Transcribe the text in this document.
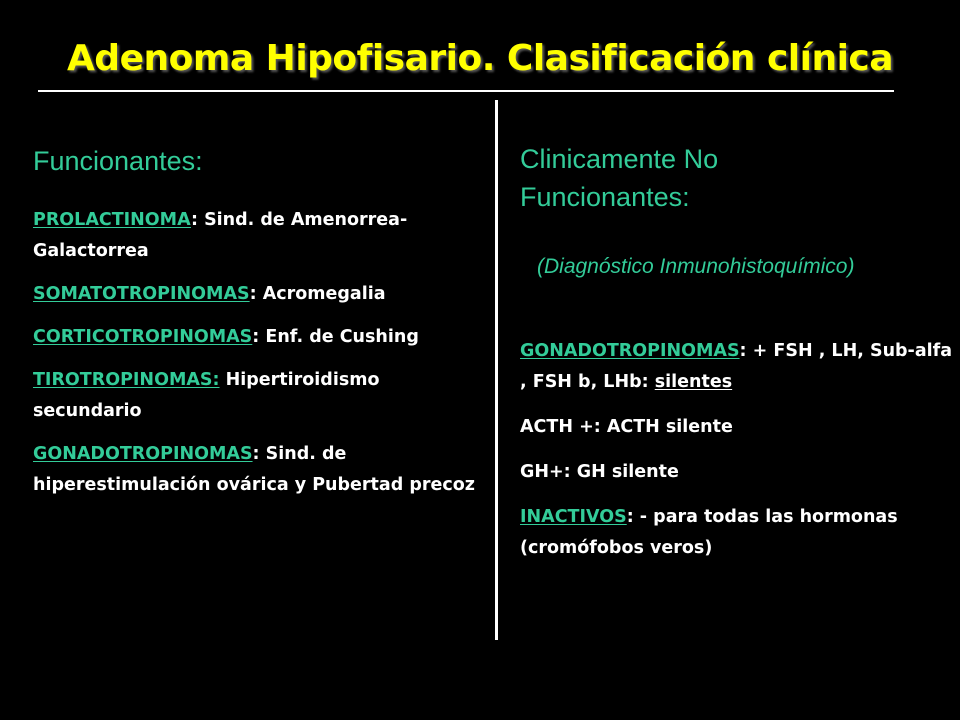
Adenoma Hipofisario. Clasificación clínica

Funcionantes:

PROLACTINOMA: Sind. de Amenorrea-Galactorrea

SOMATOTROPINOMAS: Acromegalia

CORTICOTROPINOMAS: Enf. de Cushing

TIROTROPINOMAS: Hipertiroidismo secundario

GONADOTROPINOMAS: Sind. de hiperestimulación ovárica y Pubertad precoz

Clinicamente No
Funcionantes:

(Diagnóstico Inmunohistoquímico)

GONADOTROPINOMAS: + FSH , LH, Sub-alfa , FSH b, LHb: silentes

ACTH +: ACTH silente

GH+: GH silente

INACTIVOS: - para todas las hormonas (cromófobos veros)
